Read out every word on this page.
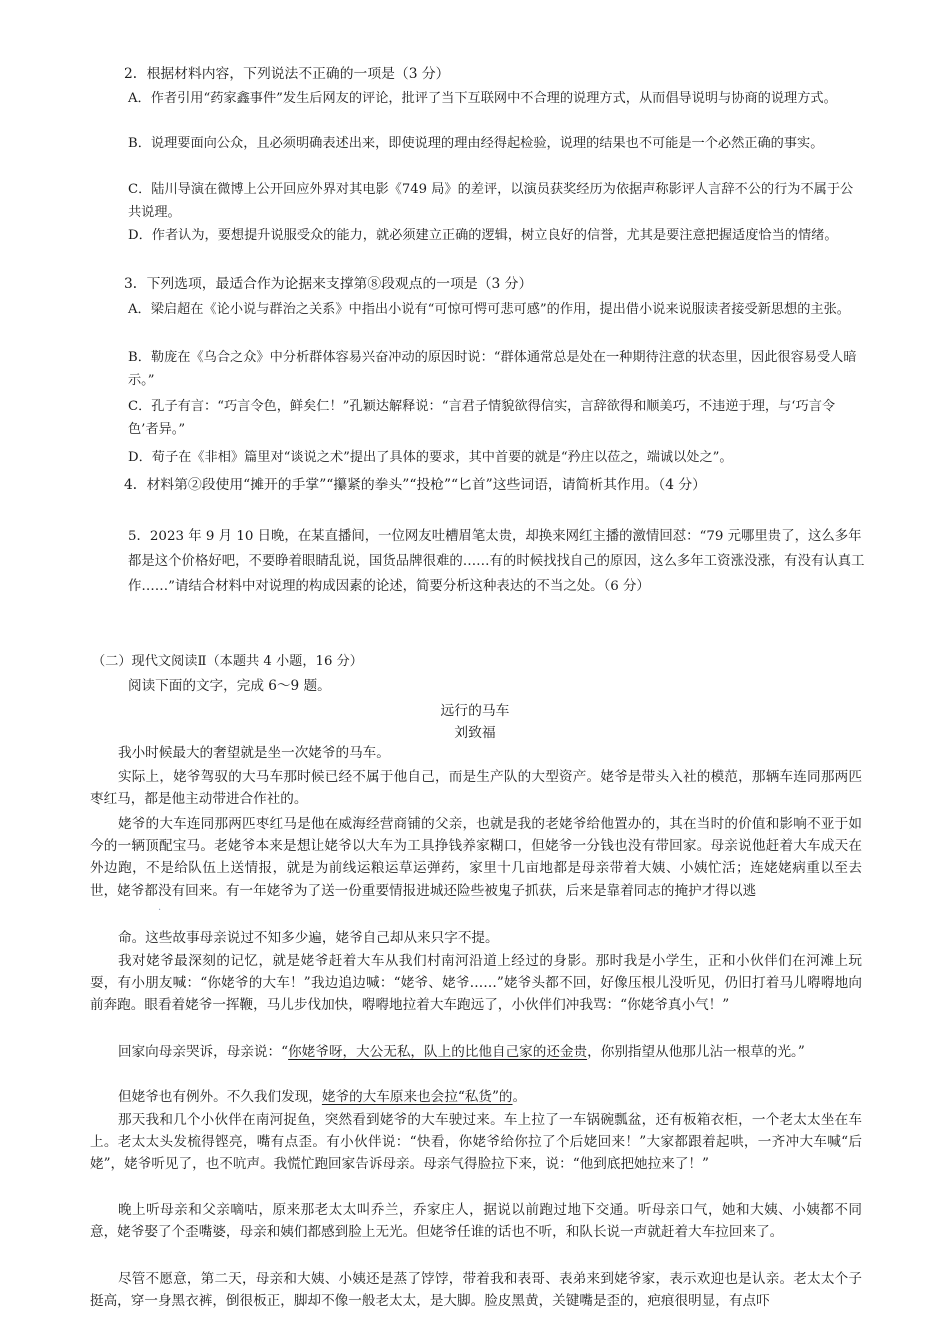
2．根据材料内容，下列说法不正确的一项是（3 分）

A．作者引用“药家鑫事件”发生后网友的评论，批评了当下互联网中不合理的说理方式，从而倡导说明与协商的说理方式。

B．说理要面向公众，且必须明确表述出来，即使说理的理由经得起检验，说理的结果也不可能是一个必然正确的事实。

C．陆川导演在微博上公开回应外界对其电影《749 局》的差评，以演员获奖经历为依据声称影评人言辞不公的行为不属于公共说理。

D．作者认为，要想提升说服受众的能力，就必须建立正确的逻辑，树立良好的信誉，尤其是要注意把握适度恰当的情绪。

3．下列选项，最适合作为论据来支撑第⑧段观点的一项是（3 分）

A．梁启超在《论小说与群治之关系》中指出小说有“可惊可愕可悲可感”的作用，提出借小说来说服读者接受新思想的主张。

B．勒庞在《乌合之众》中分析群体容易兴奋冲动的原因时说：“群体通常总是处在一种期待注意的状态里，因此很容易受人暗示。”

C．孔子有言：“巧言令色，鲜矣仁！”孔颖达解释说：“言君子情貌欲得信实，言辞欲得和顺美巧，不违逆于理，与‘巧言令色’者异。”

D．荀子在《非相》篇里对“谈说之术”提出了具体的要求，其中首要的就是“矜庄以莅之，端诚以处之”。

4．材料第②段使用“摊开的手掌”“攥紧的拳头”“投枪”“匕首”这些词语，请简析其作用。（4 分）

5．2023 年 9 月 10 日晚，在某直播间，一位网友吐槽眉笔太贵，却换来网红主播的激情回怼：“79 元哪里贵了，这么多年都是这个价格好吧，不要睁着眼睛乱说，国货品牌很难的……有的时候找找自己的原因，这么多年工资涨没涨，有没有认真工作……”请结合材料中对说理的构成因素的论述，简要分析这种表达的不当之处。（6 分）

（二）现代文阅读Ⅱ（本题共 4 小题，16 分）
阅读下面的文字，完成 6～9 题。
远行的马车
刘致福

我小时候最大的奢望就是坐一次姥爷的马车。

实际上，姥爷驾驭的大马车那时候已经不属于他自己，而是生产队的大型资产。姥爷是带头入社的模范，那辆车连同那两匹枣红马，都是他主动带进合作社的。

姥爷的大车连同那两匹枣红马是他在威海经营商铺的父亲，也就是我的老姥爷给他置办的，其在当时的价值和影响不亚于如今的一辆顶配宝马。老姥爷本来是想让姥爷以大车为工具挣钱养家糊口，但姥爷一分钱也没有带回家。母亲说他赶着大车成天在外边跑，不是给队伍上送情报，就是为前线运粮运草运弹药，家里十几亩地都是母亲带着大姨、小姨忙活；连姥姥病重以至去世，姥爷都没有回来。有一年姥爷为了送一份重要情报进城还险些被鬼子抓获，后来是靠着同志的掩护才得以逃

·

命。这些故事母亲说过不知多少遍，姥爷自己却从来只字不提。

我对姥爷最深刻的记忆，就是姥爷赶着大车从我们村南河沿道上经过的身影。那时我是小学生，正和小伙伴们在河滩上玩耍，有小朋友喊：“你姥爷的大车！”我边追边喊：“姥爷、姥爷……”姥爷头都不回，好像压根儿没听见，仍旧打着马儿嘚嘚地向前奔跑。眼看着姥爷一挥鞭，马儿步伐加快，嘚嘚地拉着大车跑远了，小伙伴们冲我骂：“你姥爷真小气！”

回家向母亲哭诉，母亲说：“你姥爷呀，大公无私，队上的比他自己家的还金贵，你别指望从他那儿沾一根草的光。”

但姥爷也有例外。不久我们发现，姥爷的大车原来也会拉“私货”的。

那天我和几个小伙伴在南河捉鱼，突然看到姥爷的大车驶过来。车上拉了一车锅碗瓢盆，还有板箱衣柜，一个老太太坐在车上。老太太头发梳得铿亮，嘴有点歪。有小伙伴说：“快看，你姥爷给你拉了个后姥回来！”大家都跟着起哄，一齐冲大车喊“后姥”，姥爷听见了，也不吭声。我慌忙跑回家告诉母亲。母亲气得脸拉下来，说：“他到底把她拉来了！”

晚上听母亲和父亲嘀咕，原来那老太太叫乔兰，乔家庄人，据说以前跑过地下交通。听母亲口气，她和大姨、小姨都不同意，姥爷娶了个歪嘴婆，母亲和姨们都感到脸上无光。但姥爷任谁的话也不听，和队长说一声就赶着大车拉回来了。

尽管不愿意，第二天，母亲和大姨、小姨还是蒸了饽饽，带着我和表哥、表弟来到姥爷家，表示欢迎也是认亲。老太太个子挺高，穿一身黑衣裤，倒很板正，脚却不像一般老太太，是大脚。脸皮黑黄，关键嘴是歪的，疤痕很明显，有点吓
